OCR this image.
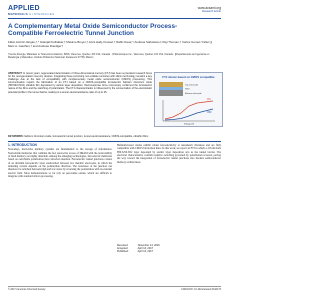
APPLIED
MATERIALS & INTERFACES
www.acsami.org
Research Article
A Complementary Metal Oxide Semiconductor Process-Compatible Ferroelectric Tunnel Junction
Fábio Ambriz-Vargas,†,* Gitanjali Kolhatkar,† Maxime Broyer,† Azza Hadj-Youssef,† Rafik Nouar,† Andreas Sarkissian,‡ Reji Thomas,† Carlos Gomez-Yáñez,§ Marc A. Gauthier,† and Andreas Ruediger†
†Centre Énergie, Matériaux et Télécommunications, INRS, Varennes, Québec J3X 1S2, Canada · ‡Plasmionique Inc., Varennes, Québec J3X 1S2, Canada · §Departamento de Ingeniería en Metalurgia y Materiales, Instituto Politécnico Nacional, Zacatenco 07738, México
ABSTRACT: In recent years, regenerated determination of three-dimensional memory (FTJ) has been a prevalent research focus for the next-generation memory devices. Integrating these promising non-volatile memories with silicon technology remains a key challenge due to the lack of compatibility with complementary metal oxide semiconductor (CMOS) processing. This communication reports the fabrication of an FTJ based on a CMOS-compatible ferroelectric hafnium zirconium oxide (Hf0.5Zr0.5O2) ultrathin film deposited by atomic layer deposition. Piezoresponse force microscopy confirmed the ferroelectric nature of the films and the switching of polarization. The FTJ characterization is influenced by the concentration of the electrostatic potential profile in the tunnel barrier, leading to a tunnel electroresistance ratio of up to 25.
FTJ device based on CMOS compatible
Top electrode
HZO
Bottom electrode
ON
OFF
Voltage (V)
KEYWORDS: hafnium zirconium oxide, ferroelectric tunnel junction, tunnel electroresistance, CMOS-compatible, ultrathin films
1. INTRODUCTION
Nowadays, hard-drive memory systems are fundamental to the storage of information. Nonvolatile memories that combine the fast read-write access of DRAM with the nonvolatility of flash memory are highly desirable. Among the emerging technologies, ferroelectric memories based on switchable polarization have attracted attention. Ferroelectric tunnel junctions consist of an ultrathin ferroelectric layer sandwiched between two metallic electrodes, in which the tunneling current depends on the polarization direction. The resistance of the junction can therefore be switched between high and low states by reversing the polarization with an external electric field. Most demonstrations so far rely on perovskite oxides, which are difficult to integrate with standard silicon processing.
Hafnium-based oxides exhibit robust ferroelectricity at nanometric thickness and are fully compatible with CMOS fabrication lines. In this work, we report an FTJ in which a 2.8 nm thick Hf0.5Zr0.5O2 layer deposited by atomic layer deposition acts as the tunnel barrier. The electrical characteristics confirm resistive switching governed by polarization reversal, paving the way toward the integration of ferroelectric tunnel junctions into modern semiconductor memory architectures.
Received:	November 14, 2016
Accepted:	April 13, 2017
Published:	April 13, 2017
© 2017 American Chemical Society	13262 DOI: 10.1021/acsami.6b16173
